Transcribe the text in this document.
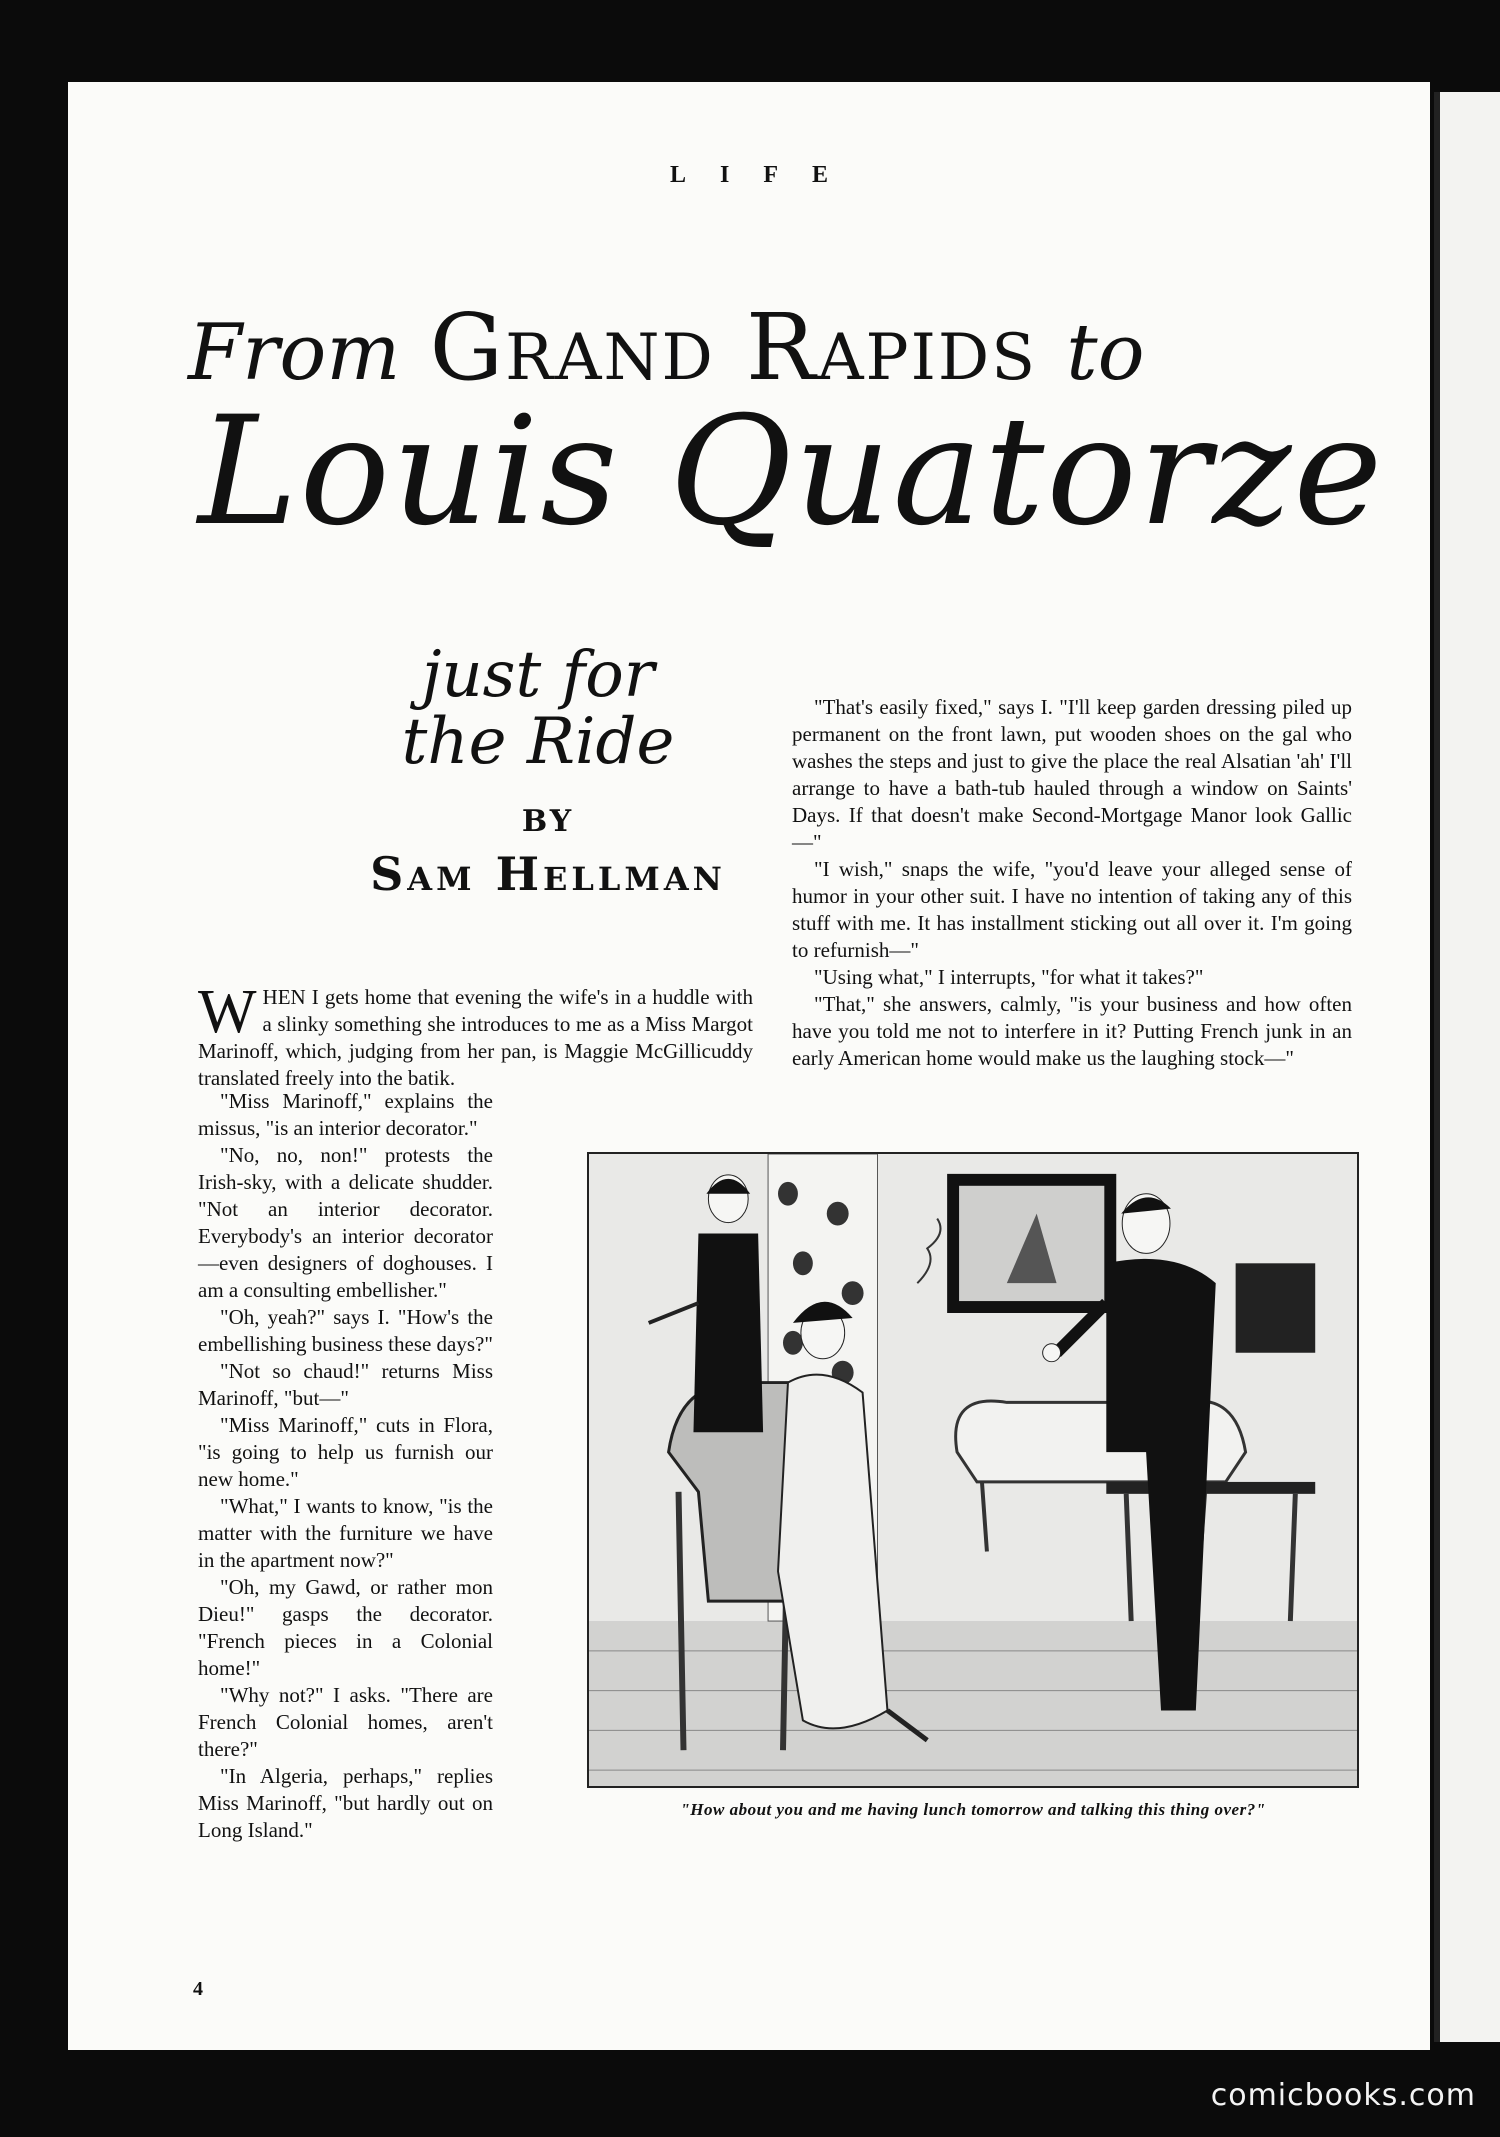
LIFE
From Grand Rapids to
Louis Quatorze
just for
the Ride
BY
Sam Hellman

"That's easily fixed," says I. "I'll keep garden dressing piled up permanent on the front lawn, put wooden shoes on the gal who washes the steps and just to give the place the real Alsatian 'ah' I'll arrange to have a bath-tub hauled through a window on Saints' Days. If that doesn't make Second-Mortgage Manor look Gallic—"

"I wish," snaps the wife, "you'd leave your alleged sense of humor in your other suit. I have no intention of taking any of this stuff with me. It has installment sticking out all over it. I'm going to refurnish—"

"Using what," I interrupts, "for what it takes?"

"That," she answers, calmly, "is your business and how often have you told me not to interfere in it? Putting French junk in an early American home would make us the laughing stock—"

WHEN I gets home that evening the wife's in a huddle with a slinky something she introduces to me as a Miss Margot Marinoff, which, judging from her pan, is Maggie McGillicuddy translated freely into the batik.

"Miss Marinoff," explains the missus, "is an interior decorator."

"No, no, non!" protests the Irish-sky, with a delicate shudder. "Not an interior decorator. Everybody's an interior decorator—even designers of doghouses. I am a consulting embellisher."

"Oh, yeah?" says I. "How's the embellishing business these days?"

"Not so chaud!" returns Miss Marinoff, "but—"

"Miss Marinoff," cuts in Flora, "is going to help us furnish our new home."

"What," I wants to know, "is the matter with the furniture we have in the apartment now?"

"Oh, my Gawd, or rather mon Dieu!" gasps the decorator. "French pieces in a Colonial home!"

"Why not?" I asks. "There are French Colonial homes, aren't there?"

"In Algeria, perhaps," replies Miss Marinoff, "but hardly out on Long Island."

"How about you and me having lunch tomorrow and talking this thing over?"
4
comicbooks.com
